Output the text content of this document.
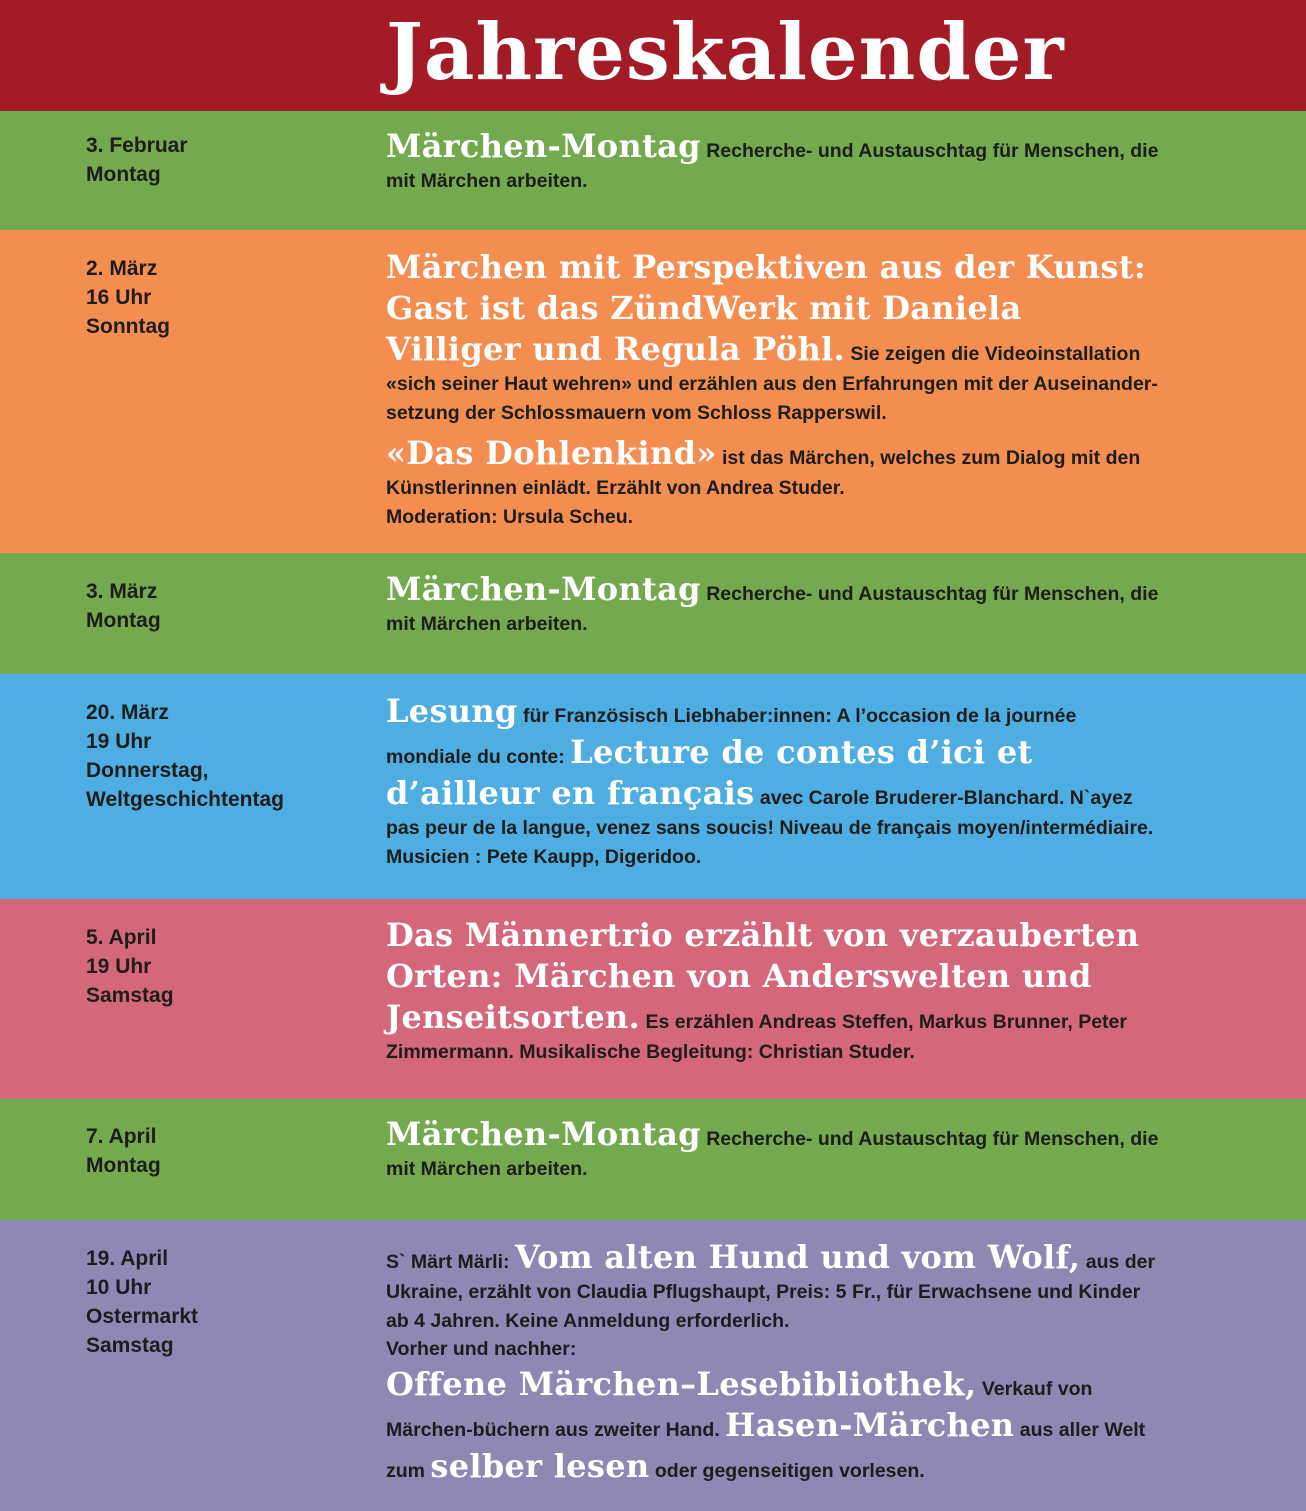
Jahreskalender
3. Februar
Montag

Märchen-Montag Recherche- und Austauschtag für Menschen, die mit Märchen arbeiten.

2. März
16 Uhr
Sonntag

Märchen mit Perspektiven aus der Kunst: Gast ist das ZündWerk mit Daniela Villiger und Regula Pöhl. Sie zeigen die Videoinstallation «sich seiner Haut wehren» und erzählen aus den Erfahrungen mit der Auseinander-setzung der Schlossmauern vom Schloss Rapperswil.

«Das Dohlenkind» ist das Märchen, welches zum Dialog mit den Künstlerinnen einlädt. Erzählt von Andrea Studer.

Moderation: Ursula Scheu.

3. März
Montag

Märchen-Montag Recherche- und Austauschtag für Menschen, die mit Märchen arbeiten.

20. März
19 Uhr
Donnerstag,
Weltgeschichtentag

Lesung für Französisch Liebhaber:innen: A l’occasion de la journée mondiale du conte: Lecture de contes d’ici et d’ailleur en français avec Carole Bruderer-Blanchard. N`ayez pas peur de la langue, venez sans soucis! Niveau de français moyen/intermédiaire.

Musicien : Pete Kaupp, Digeridoo.

5. April
19 Uhr
Samstag

Das Männertrio erzählt von verzauberten Orten: Märchen von Anderswelten und Jenseitsorten. Es erzählen Andreas Steffen, Markus Brunner, Peter Zimmermann. Musikalische Begleitung: Christian Studer.

7. April
Montag

Märchen-Montag Recherche- und Austauschtag für Menschen, die mit Märchen arbeiten.

19. April
10 Uhr
Ostermarkt
Samstag

S` Märt Märli: Vom alten Hund und vom Wolf, aus der Ukraine, erzählt von Claudia Pflugshaupt, Preis: 5 Fr., für Erwachsene und Kinder ab 4 Jahren. Keine Anmeldung erforderlich.

Vorher und nachher:

Offene Märchen–Lesebibliothek, Verkauf von Märchen-büchern aus zweiter Hand. Hasen-Märchen aus aller Welt zum selber lesen oder gegenseitigen vorlesen.
